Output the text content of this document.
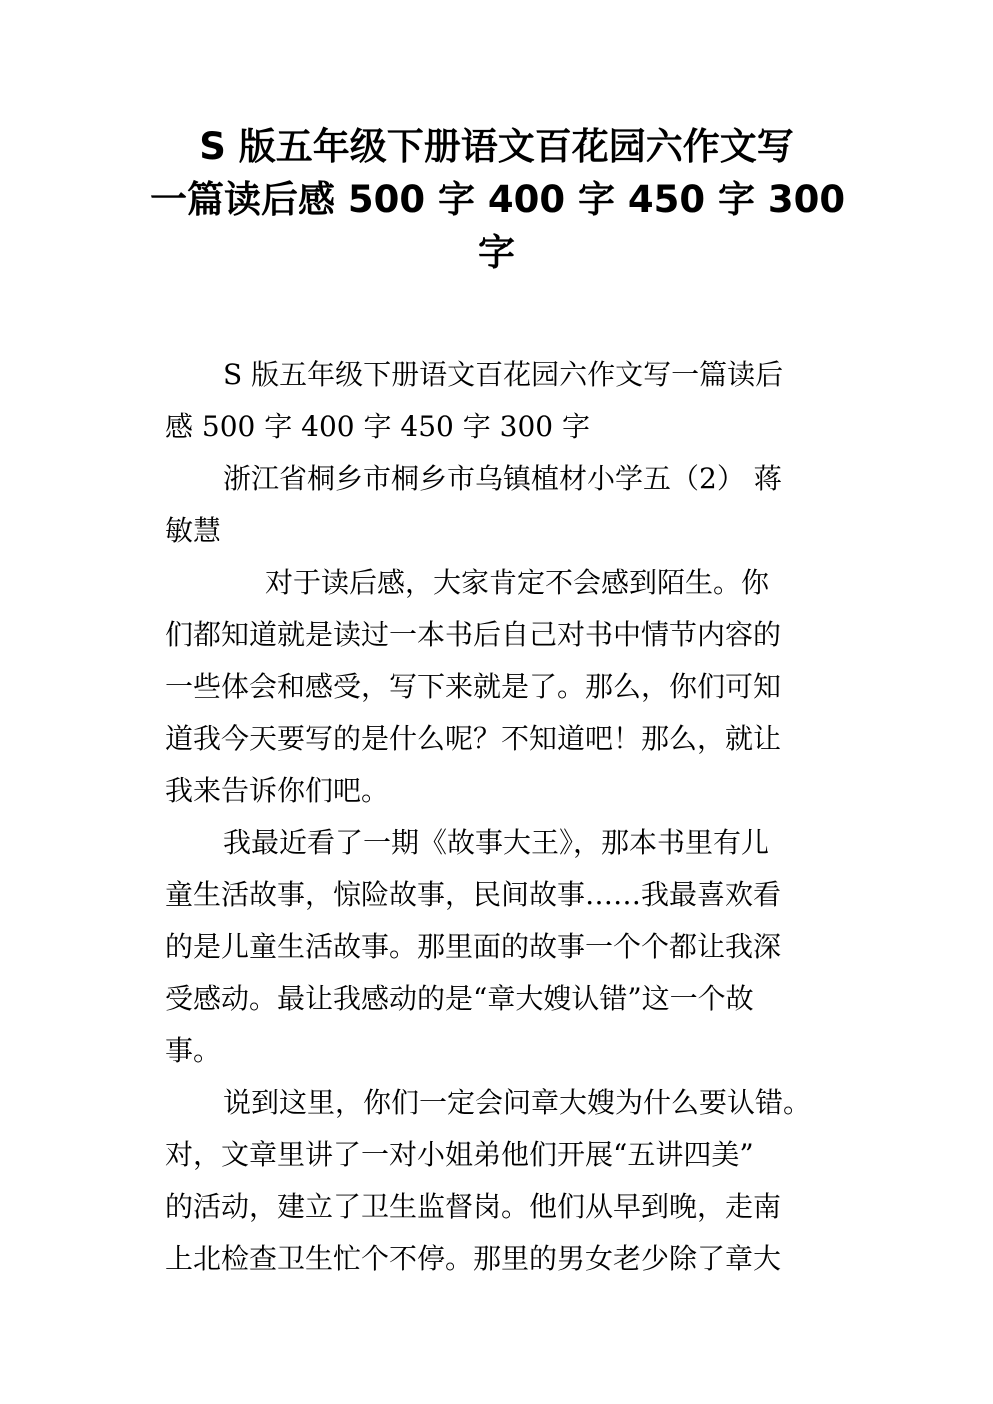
S 版五年级下册语文百花园六作文写
一篇读后感 500 字 400 字 450 字 300
字
S 版五年级下册语文百花园六作文写一篇读后
感 500 字 400 字 450 字 300 字
浙江省桐乡市桐乡市乌镇植材小学五（2） 蒋
敏慧
对于读后感，大家肯定不会感到陌生。你
们都知道就是读过一本书后自己对书中情节内容的
一些体会和感受，写下来就是了。那么，你们可知
道我今天要写的是什么呢？不知道吧！那么，就让
我来告诉你们吧。
我最近看了一期《故事大王》，那本书里有儿
童生活故事，惊险故事，民间故事……我最喜欢看
的是儿童生活故事。那里面的故事一个个都让我深
受感动。最让我感动的是“章大嫂认错”这一个故
事。
说到这里，你们一定会问章大嫂为什么要认错。
对，文章里讲了一对小姐弟他们开展“五讲四美”
的活动，建立了卫生监督岗。他们从早到晚，走南
上北检查卫生忙个不停。那里的男女老少除了章大
